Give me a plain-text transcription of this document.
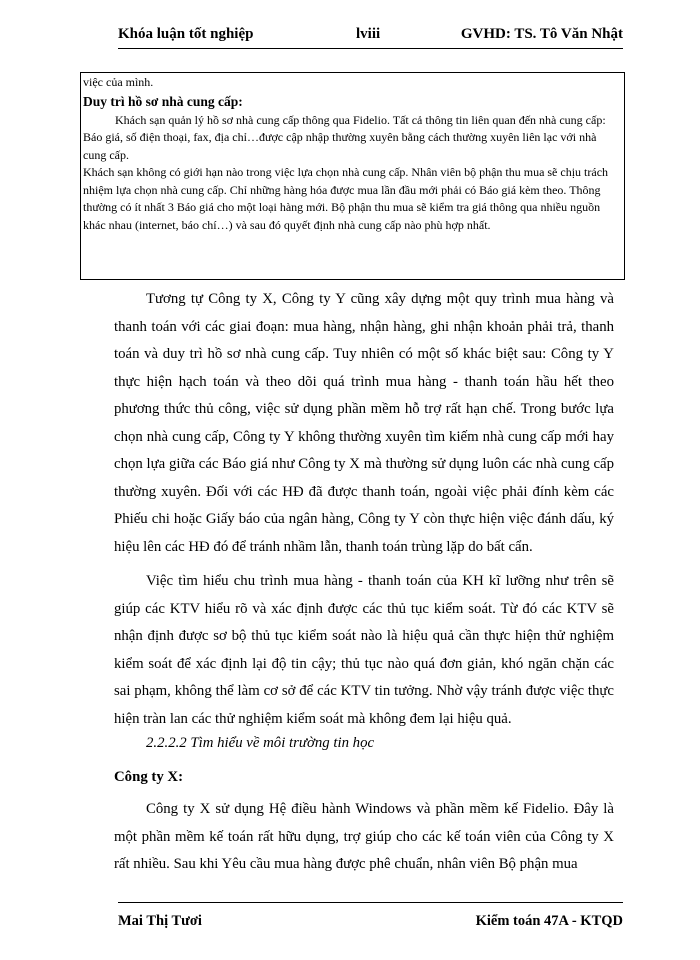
Khóa luận tốt nghiệp	lviii	GVHD: TS. Tô Văn Nhật

việc của mình.

Duy trì hồ sơ nhà cung cấp:

Khách sạn quản lý hồ sơ nhà cung cấp thông qua Fidelio. Tất cả thông tin liên quan đến nhà cung cấp: Báo giá, số điện thoại, fax, địa chỉ…được cập nhập thường xuyên bằng cách thường xuyên liên lạc với nhà cung cấp.

Khách sạn không có giới hạn nào trong việc lựa chọn nhà cung cấp. Nhân viên bộ phận thu mua sẽ chịu trách nhiệm lựa chọn nhà cung cấp. Chỉ những hàng hóa được mua lần đầu mới phải có Báo giá kèm theo. Thông thường có ít nhất 3 Báo giá cho một loại hàng mới. Bộ phận thu mua sẽ kiểm tra giá thông qua nhiều nguồn khác nhau (internet, báo chí…) và sau đó quyết định nhà cung cấp nào phù hợp nhất.

Tương tự Công ty X, Công ty Y cũng xây dựng một quy trình mua hàng và thanh toán với các giai đoạn: mua hàng, nhận hàng, ghi nhận khoản phải trả, thanh toán và duy trì hồ sơ nhà cung cấp. Tuy nhiên có một số khác biệt sau: Công ty Y thực hiện hạch toán và theo dõi quá trình mua hàng - thanh toán hầu hết theo phương thức thủ công, việc sử dụng phần mềm hỗ trợ rất hạn chế. Trong bước lựa chọn nhà cung cấp, Công ty Y không thường xuyên tìm kiếm nhà cung cấp mới hay chọn lựa giữa các Báo giá như Công ty X mà thường sử dụng luôn các nhà cung cấp thường xuyên. Đối với các HĐ đã được thanh toán, ngoài việc phải đính kèm các Phiếu chi hoặc Giấy báo của ngân hàng, Công ty Y còn thực hiện việc đánh dấu, ký hiệu lên các HĐ đó để tránh nhầm lẫn, thanh toán trùng lặp do bất cẩn.

Việc tìm hiểu chu trình mua hàng - thanh toán của KH kĩ lưỡng như trên sẽ giúp các KTV hiểu rõ và xác định được các thủ tục kiểm soát. Từ đó các KTV sẽ nhận định được sơ bộ thủ tục kiểm soát nào là hiệu quả cần thực hiện thử nghiệm kiểm soát để xác định lại độ tin cậy; thủ tục nào quá đơn giản, khó ngăn chặn các sai phạm, không thể làm cơ sở để các KTV tin tưởng. Nhờ vậy tránh được việc thực hiện tràn lan các thử nghiệm kiểm soát mà không đem lại hiệu quả.

2.2.2.2 Tìm hiểu về môi trường tin học
Công ty X:

Công ty X sử dụng Hệ điều hành Windows và phần mềm kế Fidelio. Đây là một phần mềm kế toán rất hữu dụng, trợ giúp cho các kế toán viên của Công ty X rất nhiều. Sau khi Yêu cầu mua hàng được phê chuẩn, nhân viên Bộ phận mua

Mai Thị Tươi	Kiểm toán 47A - KTQD
